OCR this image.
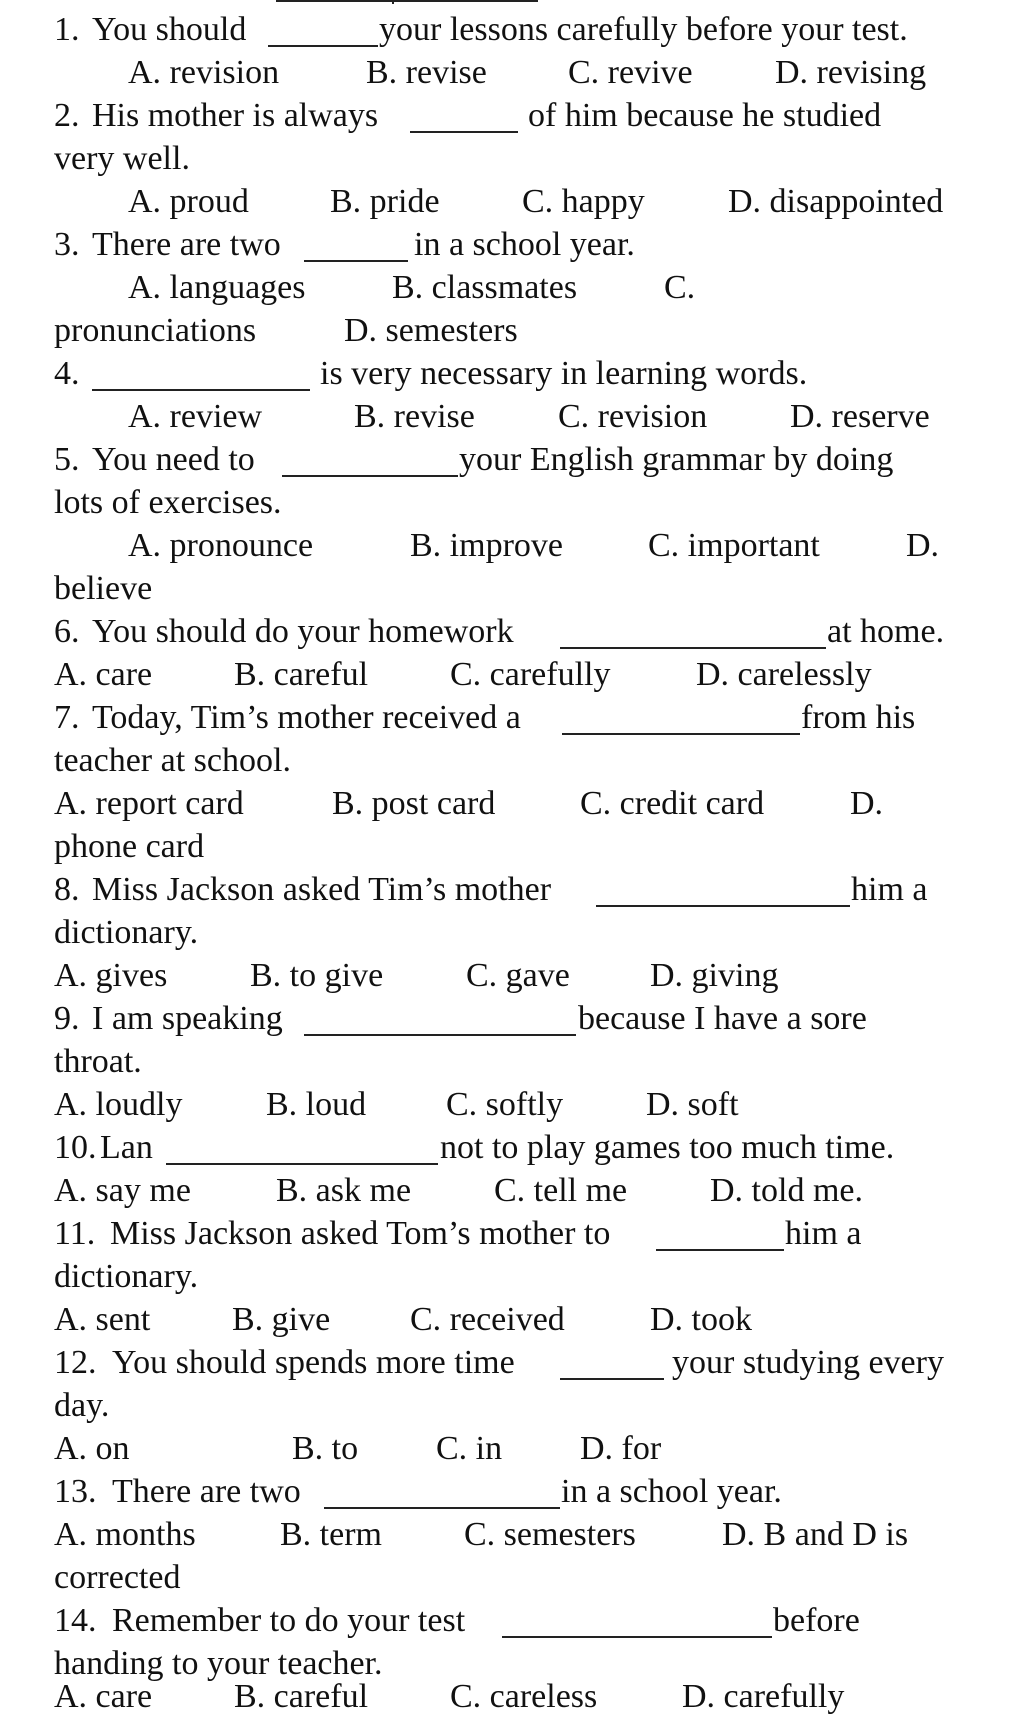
1. You should	your lessons carefully before your test.
A. revision	B. revise C. revive D. revising
2. His mother is always	of him because he studied
very well.
A. proud B. pride C. happy D. disappointed
3. There are two	in a school year.
A. languages	B. classmates	C.
pronunciations	D. semesters
4.	is very necessary in learning words.
A. review	B. revise C. revision D. reserve
5. You need to	your English grammar by doing
lots of exercises.
A. pronounce	B. improve	C. important	D.
believe
6. You should do your homework	at home.
A. care B. careful C. carefully	D. carelessly
7. Today, Tim’s mother received a	from his
teacher at school.
A. report card	B. post card C. credit card	D.
phone card
8. Miss Jackson asked Tim’s mother	him a
dictionary.
A. gives B. to give C. gave D. giving
9. I am speaking	because I have a sore
throat.
A. loudly B. loud C. softly D. soft
10. Lan	not to play games too much time.
A. say me	B. ask me C. tell me D. told me.
11. Miss Jackson asked Tom’s mother to	him a
dictionary.
A. sent B. give C. received	D. took
12. You should spends more time	your studying every
day.
A. on	B. to C. in D. for
13. There are two	in a school year.
A. months B. term C. semesters	D. B and D is
corrected
14. Remember to do your test	before
handing to your teacher.
A. care B. careful C. careless D. carefully
